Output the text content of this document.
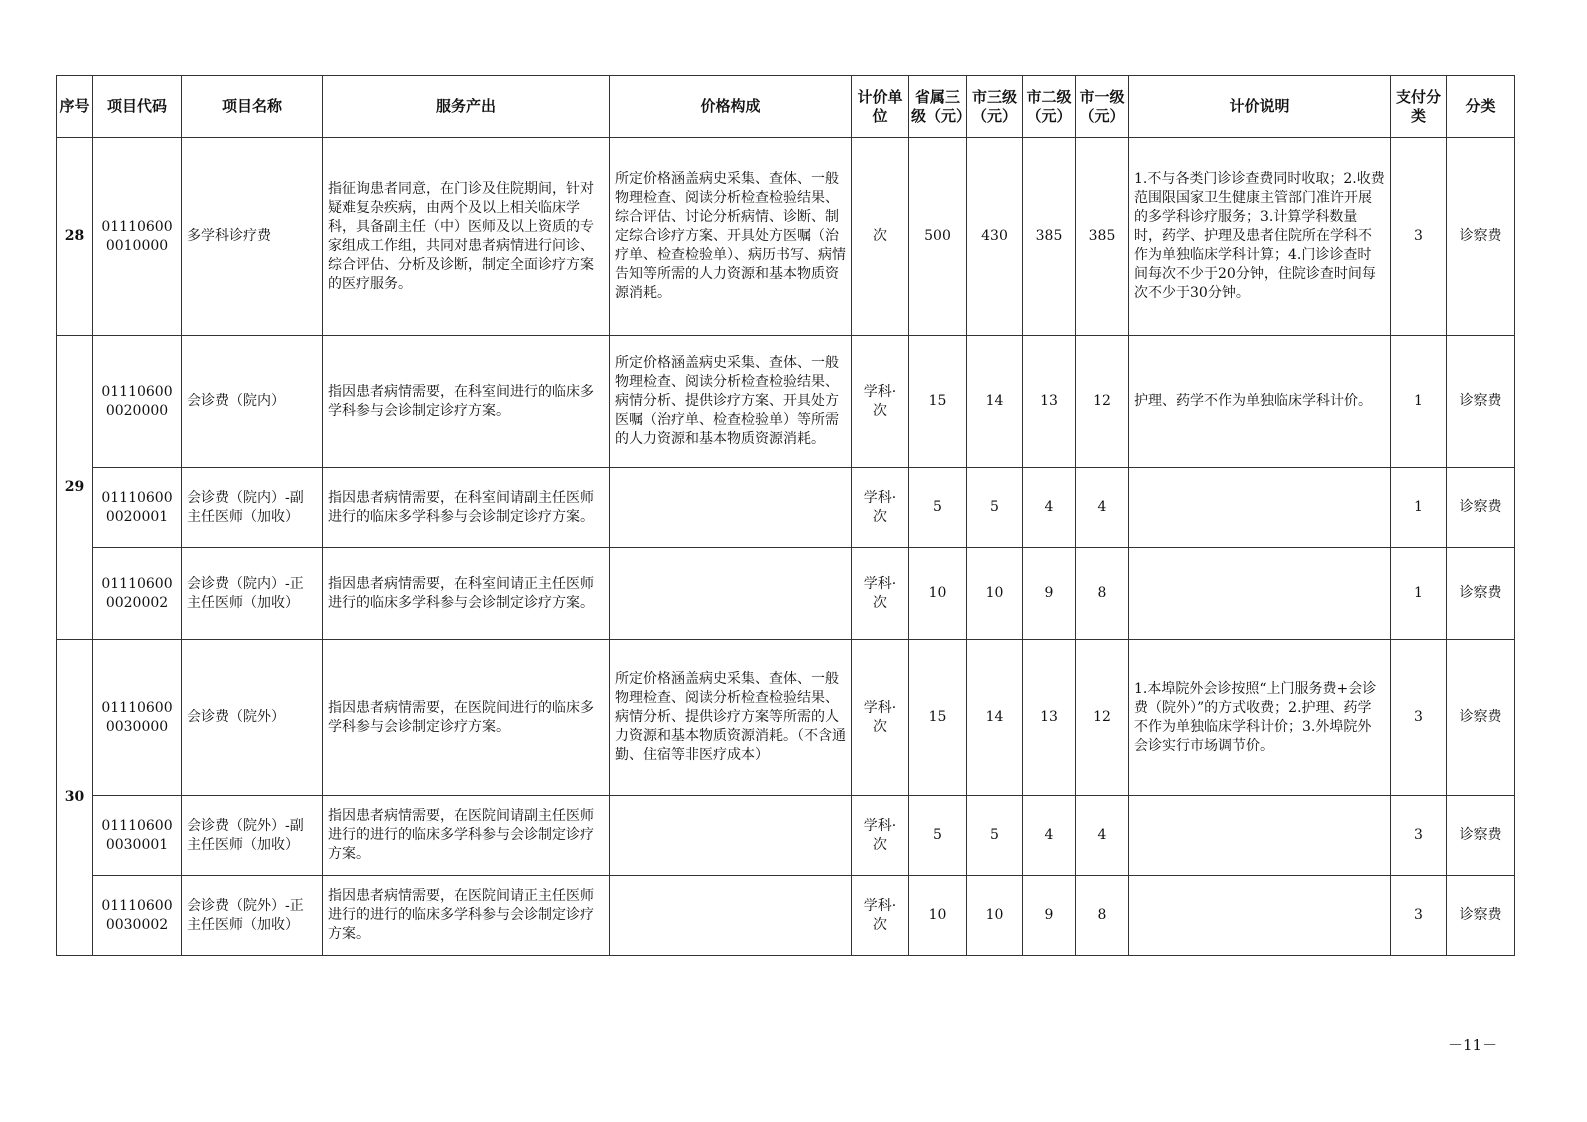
序号	项目代码	项目名称	服务产出	价格构成	计价单位	省属三级（元）	市三级（元）	市二级（元）	市一级（元）	计价说明	支付分类	分类
28	01110600 0010000	多学科诊疗费	指征询患者同意，在门诊及住院期间，针对疑难复杂疾病，由两个及以上相关临床学科，具备副主任（中）医师及以上资质的专家组成工作组，共同对患者病情进行问诊、综合评估、分析及诊断，制定全面诊疗方案的医疗服务。	所定价格涵盖病史采集、查体、一般物理检查、阅读分析检查检验结果、综合评估、讨论分析病情、诊断、制定综合诊疗方案、开具处方医嘱（治疗单、检查检验单）、病历书写、病情告知等所需的人力资源和基本物质资源消耗。	次	500	430	385	385	1.不与各类门诊诊查费同时收取；2.收费范围限国家卫生健康主管部门准许开展的多学科诊疗服务；3.计算学科数量时，药学、护理及患者住院所在学科不作为单独临床学科计算；4.门诊诊查时间每次不少于20分钟，住院诊查时间每次不少于30分钟。	3	诊察费
29	01110600 0020000	会诊费（院内）	指因患者病情需要，在科室间进行的临床多学科参与会诊制定诊疗方案。	所定价格涵盖病史采集、查体、一般物理检查、阅读分析检查检验结果、病情分析、提供诊疗方案、开具处方医嘱（治疗单、检查检验单）等所需的人力资源和基本物质资源消耗。	学科·次	15	14	13	12	护理、药学不作为单独临床学科计价。	1	诊察费
	01110600 0020001	会诊费（院内）-副主任医师（加收）	指因患者病情需要，在科室间请副主任医师进行的临床多学科参与会诊制定诊疗方案。		学科·次	5	5	4	4		1	诊察费
	01110600 0020002	会诊费（院内）-正主任医师（加收）	指因患者病情需要，在科室间请正主任医师进行的临床多学科参与会诊制定诊疗方案。		学科·次	10	10	9	8		1	诊察费
30	01110600 0030000	会诊费（院外）	指因患者病情需要，在医院间进行的临床多学科参与会诊制定诊疗方案。	所定价格涵盖病史采集、查体、一般物理检查、阅读分析检查检验结果、病情分析、提供诊疗方案等所需的人力资源和基本物质资源消耗。（不含通勤、住宿等非医疗成本）	学科·次	15	14	13	12	1.本埠院外会诊按照“上门服务费+会诊费（院外）”的方式收费；2.护理、药学不作为单独临床学科计价；3.外埠院外会诊实行市场调节价。	3	诊察费
	01110600 0030001	会诊费（院外）-副主任医师（加收）	指因患者病情需要，在医院间请副主任医师进行的进行的临床多学科参与会诊制定诊疗方案。		学科·次	5	5	4	4		3	诊察费
	01110600 0030002	会诊费（院外）-正主任医师（加收）	指因患者病情需要，在医院间请正主任医师进行的进行的临床多学科参与会诊制定诊疗方案。		学科·次	10	10	9	8		3	诊察费
－11－
